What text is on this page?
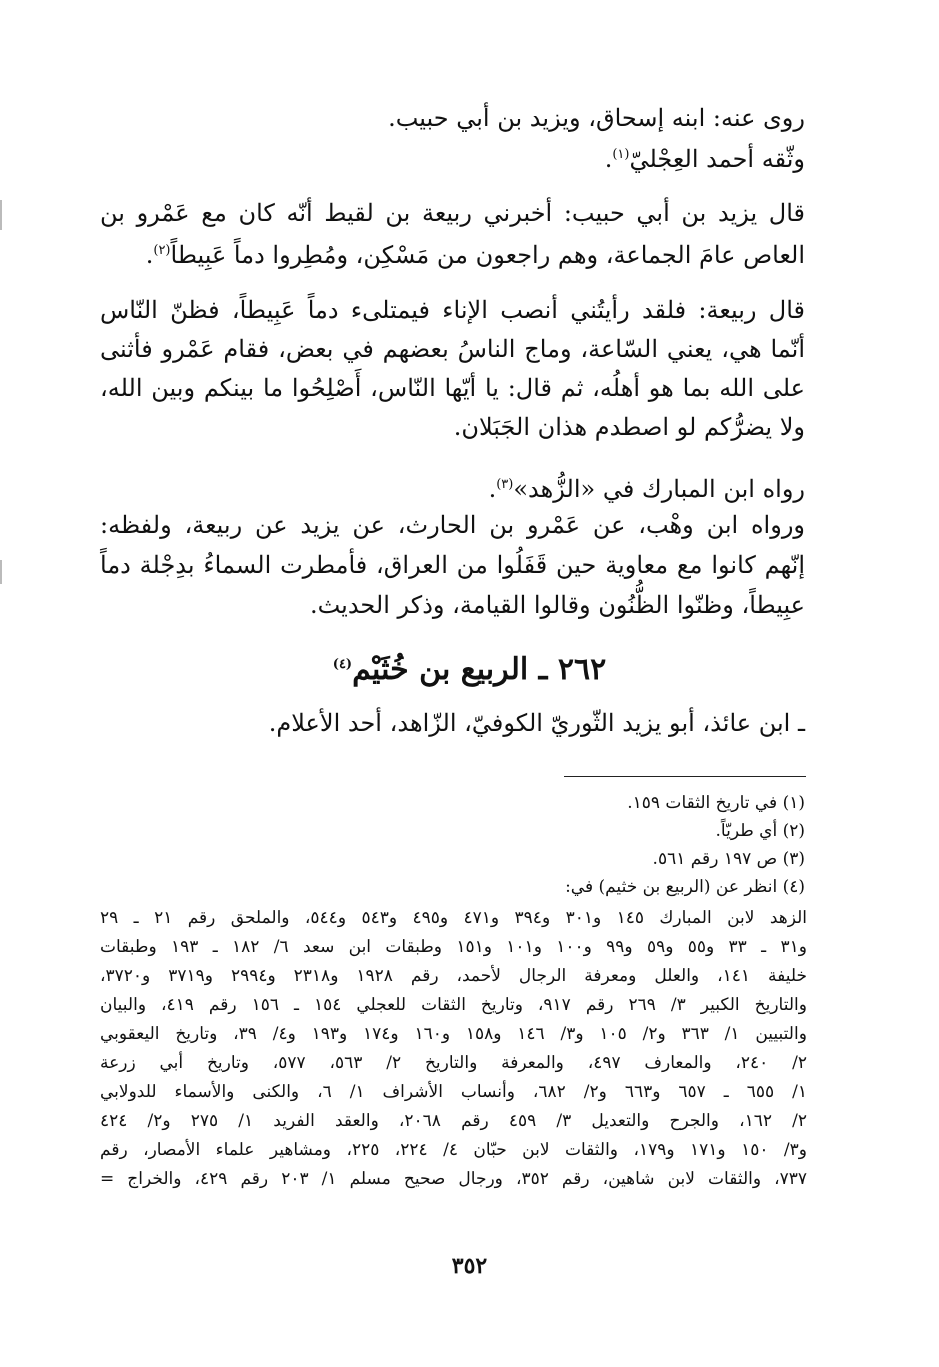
روى عنه: ابنه إسحاق، ويزيد بن أبي حبيب.
وثّقه أحمد العِجْليّ$^{(١)}$.
قال يزيد بن أبي حبيب: أخبرني ربيعة بن لقيط أنّه كان مع عَمْرو بن
العاص عامَ الجماعة، وهم راجعون من مَسْكِن، ومُطِروا دماً عَبِيطاً$^{(٢)}$.
قال ربيعة: فلقد رأيتُني أنصب الإناء فيمتلىء دماً عَبِيطاً، فظنّ النّاس
أنّما هي، يعني السّاعة، وماج الناسُ بعضهم في بعض، فقام عَمْرو فأثنى
على الله بما هو أهلُه، ثم قال: يا أيّها النّاس، أَصْلِحُوا ما بينكم وبين الله،
ولا يضرُّكم لو اصطدم هذان الجَبَلان.
رواه ابن المبارك في «الزُّهد»$^{(٣)}$.
ورواه ابن وهْب، عن عَمْرو بن الحارث، عن يزيد عن ربيعة، ولفظه:
إنّهم كانوا مع معاوية حين قَفَلُوا من العراق، فأمطرت السماءُ بدِجْلة دماً
عبِيطاً، وظنّوا الظُّنُون وقالوا القيامة، وذكر الحديث.
٢٦٢ ـ الربيع بن خُثَيْم$^{(٤)}$
ـ ابن عائذ، أبو يزيد الثّوريّ الكوفيّ، الزّاهد، أحد الأعلام.
(١) في تاريخ الثقات ١٥٩.
(٢) أي طريّاً.
(٣) ص ١٩٧ رقم ٥٦١.
(٤) انظر عن (الربيع بن خثيم) في:
الزهد لابن المبارك ١٤٥ و٣٠١ و٣٩٤ و٤٧١ و٤٩٥ و٥٤٣ و٥٤٤، والملحق رقم ٢١ ـ ٢٩
و٣١ ـ ٣٣ و٥٥ و٥٩ و٩٩ و١٠٠ و١٠١ و١٥١ وطبقات ابن سعد ٦/ ١٨٢ ـ ١٩٣ وطبقات
خليفة ١٤١، والعلل ومعرفة الرجال لأحمد، رقم ١٩٢٨ و٢٣١٨ و٢٩٩٤ و٣٧١٩ و٣٧٢٠،
والتاريخ الكبير ٣/ ٢٦٩ رقم ٩١٧، وتاريخ الثقات للعجلي ١٥٤ ـ ١٥٦ رقم ٤١٩، والبيان
والتبيين ١/ ٣٦٣ و٢/ ١٠٥ و٣/ ١٤٦ و١٥٨ و١٦٠ و١٧٤ و١٩٣ و٤/ ٣٩، وتاريخ اليعقوبي
٢/ ٢٤٠، والمعارف ٤٩٧، والمعرفة والتاريخ ٢/ ٥٦٣، ٥٧٧، وتاريخ أبي زرعة
١/ ٦٥٥ ـ ٦٥٧ و٦٦٣ و٢/ ٦٨٢، وأنساب الأشراف ١/ ٦، والكنى والأسماء للدولابي
٢/ ١٦٢، والجرح والتعديل ٣/ ٤٥٩ رقم ٢٠٦٨، والعقد الفريد ١/ ٢٧٥ و٢/ ٤٢٤
و٣/ ١٥٠ و١٧١ و١٧٩، والثقات لابن حبّان ٤/ ٢٢٤، ٢٢٥، ومشاهير علماء الأمصار، رقم
٧٣٧، والثقات لابن شاهين، رقم ٣٥٢، ورجال صحيح مسلم ١/ ٢٠٣ رقم ٤٢٩، والخراج =
٣٥٢
